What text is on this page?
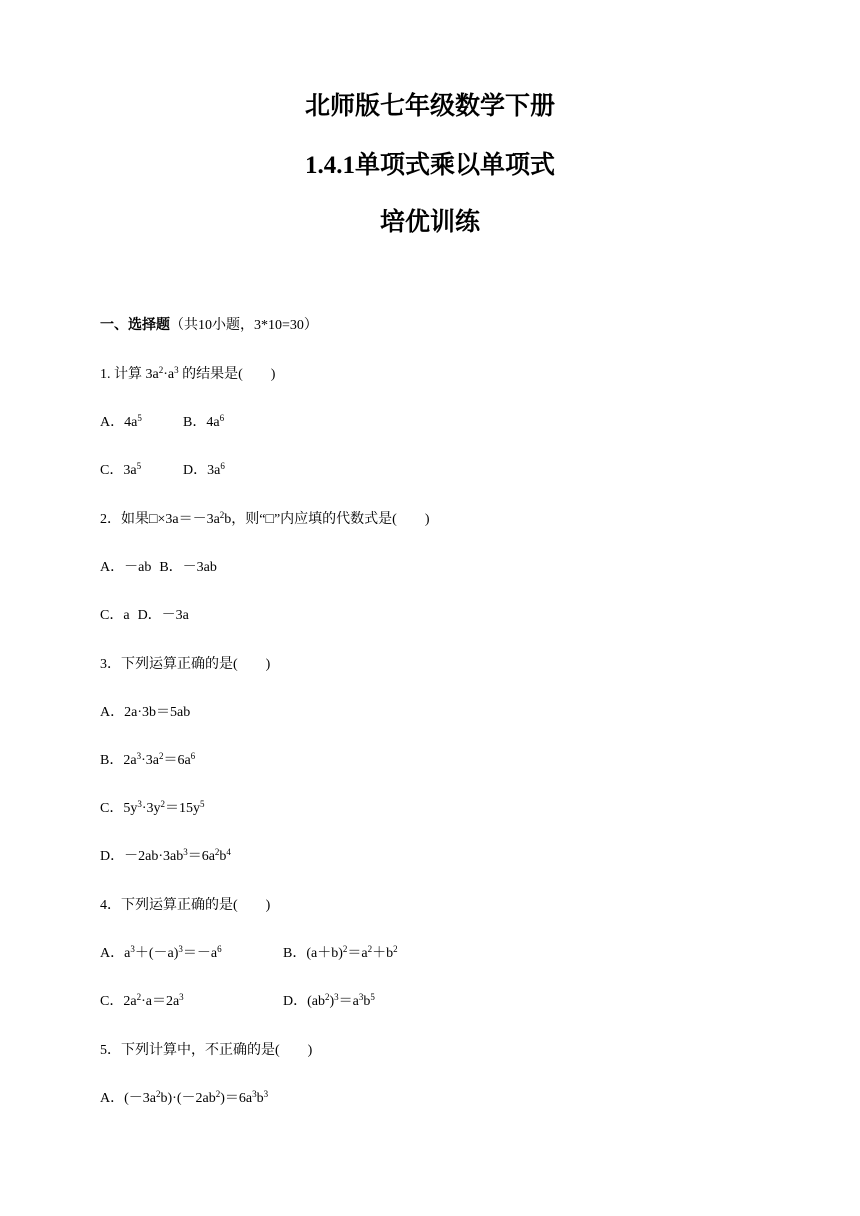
北师版七年级数学下册
1.4.1单项式乘以单项式
培优训练
一、选择题（共10小题，3*10=30）
1. 计算 $3a^2\cdot a^3$ 的结果是(　　)
A．$4a^5$	B．$4a^6$
C．$3a^5$	D．$3a^6$
2．如果$□\times 3a=-3a^2b$，则“□”内应填的代数式是(　　)
A．－ab B．－3ab
C．a D．－3a
3．下列运算正确的是(　　)
A．2a·3b＝5ab
B．$2a^3\cdot 3a^2=6a^6$
C．$5y^3\cdot 3y^2=15y^5$
D．$-2ab\cdot 3ab^3=6a^2b^4$
4．下列运算正确的是(　　)
A．$a^3+(-a)^3=-a^6$	B．$(a+b)^2=a^2+b^2$
C．$2a^2\cdot a=2a^3$	D．$(ab^2)^3=a^3b^5$
5．下列计算中，不正确的是(　　)
A．$(-3a^2b)\cdot(-2ab^2)=6a^3b^3$
